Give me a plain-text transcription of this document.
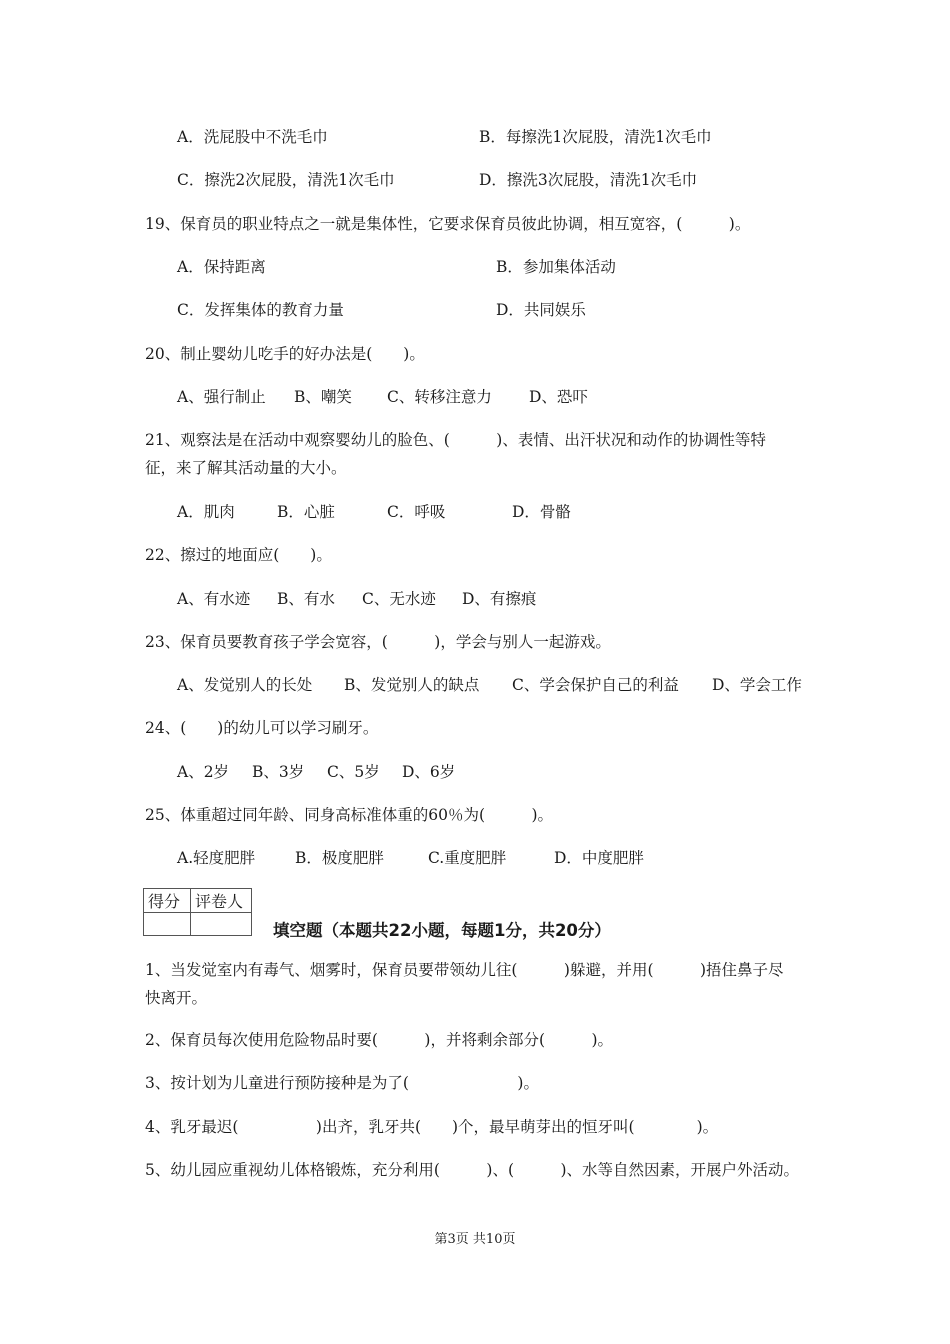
A．洗屁股中不洗毛巾	B．每擦洗1次屁股，清洗1次毛巾
C．擦洗2次屁股，清洗1次毛巾	D．擦洗3次屁股，清洗1次毛巾
19、保育员的职业特点之一就是集体性，它要求保育员彼此协调，相互宽容，(　　　)。
A．保持距离	B．参加集体活动
C．发挥集体的教育力量	D．共同娱乐
20、制止婴幼儿吃手的好办法是(　　)。
A、强行制止 B、嘲笑 C、转移注意力 D、恐吓
21、观察法是在活动中观察婴幼儿的脸色、(　　　)、表情、出汗状况和动作的协调性等特
征，来了解其活动量的大小。
A．肌肉	B．心脏	C．呼吸	D．骨骼
22、擦过的地面应(　　)。
A、有水迹 B、有水 C、无水迹 D、有擦痕
23、保育员要教育孩子学会宽容，(　　　)，学会与别人一起游戏。
A、发觉别人的长处 B、发觉别人的缺点 C、学会保护自己的利益 D、学会工作
24、(　　)的幼儿可以学习刷牙。
A、2岁 B、3岁 C、5岁 D、6岁
25、体重超过同年龄、同身高标准体重的60％为(　　　)。
A.轻度肥胖	B．极度肥胖	C.重度肥胖	D．中度肥胖
得分	评卷人

填空题（本题共22小题，每题1分，共20分）
1、当发觉室内有毒气、烟雾时，保育员要带领幼儿往(　　　)躲避，并用(　　　)捂住鼻子尽
快离开。
2、保育员每次使用危险物品时要(　　　)，并将剩余部分(　　　)。
3、按计划为儿童进行预防接种是为了(　　　　　　　)。
4、乳牙最迟(　　　　　)出齐，乳牙共(　　)个，最早萌芽出的恒牙叫(　　　　)。
5、幼儿园应重视幼儿体格锻炼，充分利用(　　　)、(　　　)、水等自然因素，开展户外活动。
第3页 共10页
